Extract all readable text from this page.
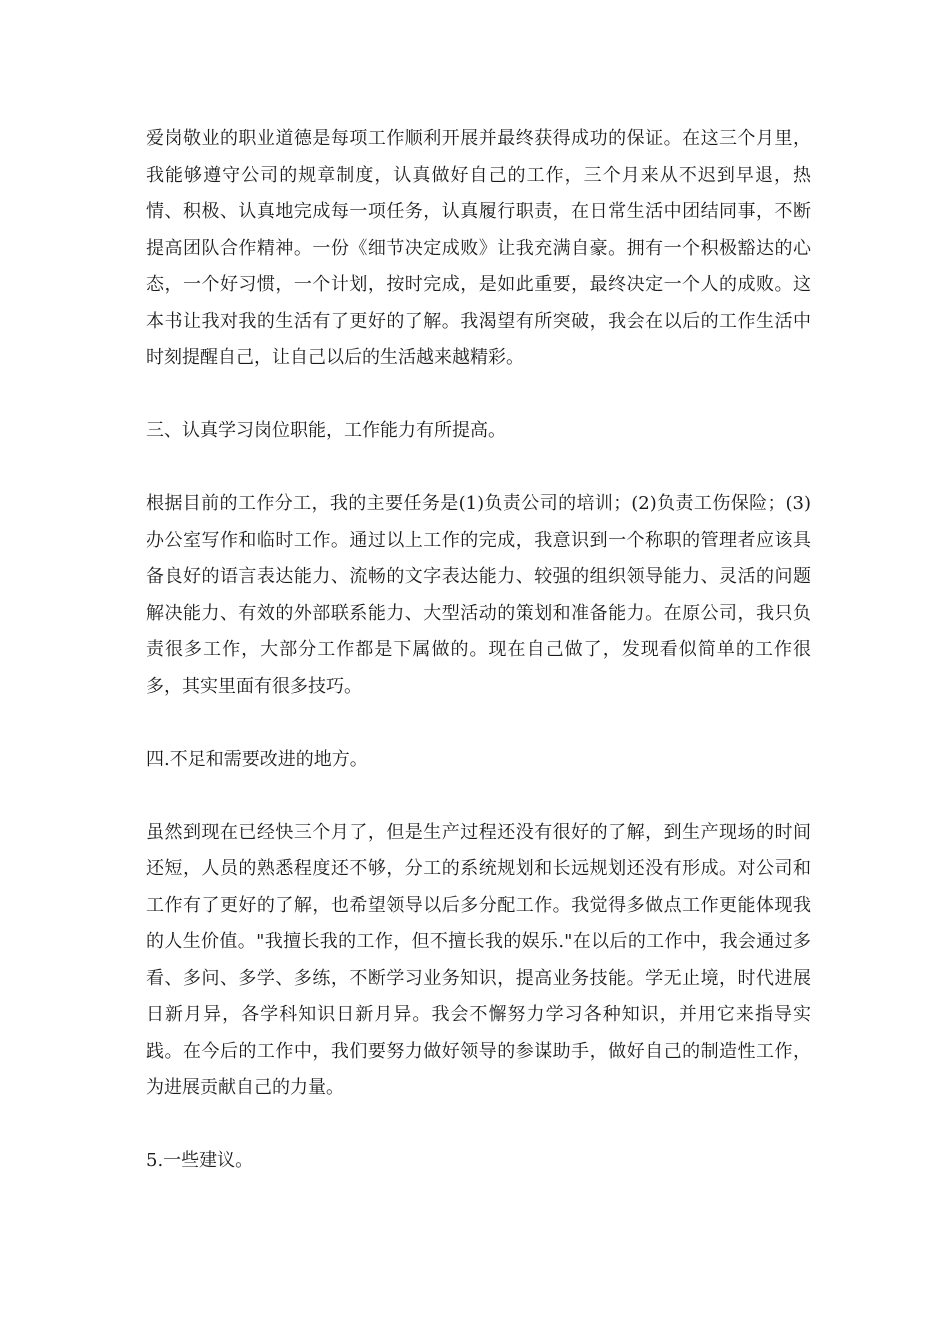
爱岗敬业的职业道德是每项工作顺利开展并最终获得成功的保证。在这三个月里，我能够遵守公司的规章制度，认真做好自己的工作，三个月来从不迟到早退，热情、积极、认真地完成每一项任务，认真履行职责，在日常生活中团结同事，不断提高团队合作精神。一份《细节决定成败》让我充满自豪。拥有一个积极豁达的心态，一个好习惯，一个计划，按时完成，是如此重要，最终决定一个人的成败。这本书让我对我的生活有了更好的了解。我渴望有所突破，我会在以后的工作生活中时刻提醒自己，让自己以后的生活越来越精彩。

三、认真学习岗位职能，工作能力有所提高。

根据目前的工作分工，我的主要任务是(1)负责公司的培训；(2)负责工伤保险；(3)办公室写作和临时工作。通过以上工作的完成，我意识到一个称职的管理者应该具备良好的语言表达能力、流畅的文字表达能力、较强的组织领导能力、灵活的问题解决能力、有效的外部联系能力、大型活动的策划和准备能力。在原公司，我只负责很多工作，大部分工作都是下属做的。现在自己做了，发现看似简单的工作很多，其实里面有很多技巧。

四.不足和需要改进的地方。

虽然到现在已经快三个月了，但是生产过程还没有很好的了解，到生产现场的时间还短，人员的熟悉程度还不够，分工的系统规划和长远规划还没有形成。对公司和工作有了更好的了解，也希望领导以后多分配工作。我觉得多做点工作更能体现我的人生价值。"我擅长我的工作，但不擅长我的娱乐."在以后的工作中，我会通过多看、多问、多学、多练，不断学习业务知识，提高业务技能。学无止境，时代进展日新月异，各学科知识日新月异。我会不懈努力学习各种知识，并用它来指导实践。在今后的工作中，我们要努力做好领导的参谋助手，做好自己的制造性工作，为进展贡献自己的力量。

5.一些建议。
